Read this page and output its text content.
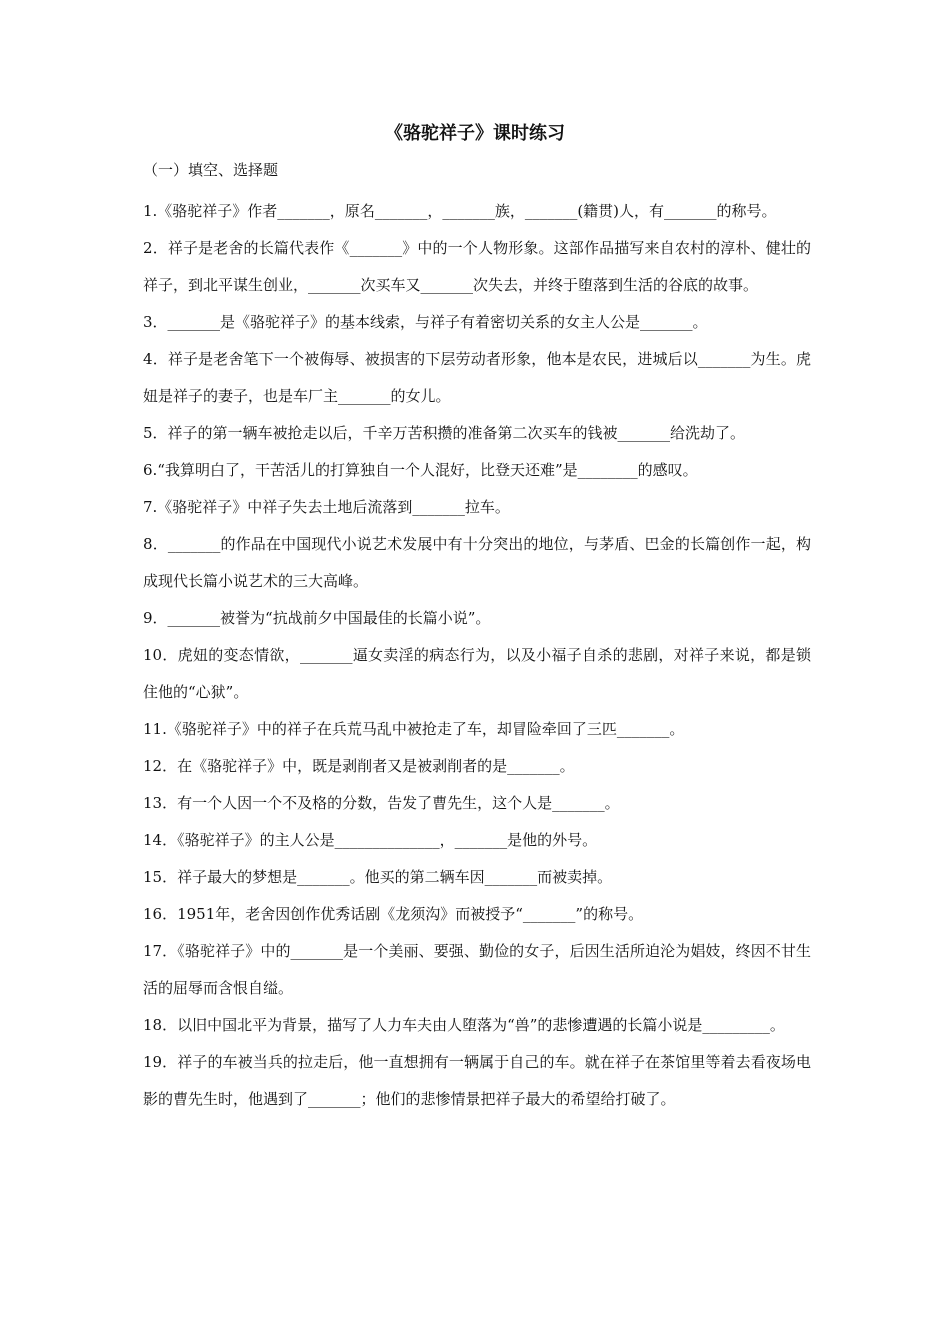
《骆驼祥子》课时练习
（一）填空、选择题

1.《骆驼祥子》作者_______，原名_______，_______族，_______(籍贯)人，有_______的称号。

2．祥子是老舍的长篇代表作《_______》中的一个人物形象。这部作品描写来自农村的淳朴、健壮的祥子，到北平谋生创业，_______次买车又_______次失去，并终于堕落到生活的谷底的故事。

3．_______是《骆驼祥子》的基本线索，与祥子有着密切关系的女主人公是_______。

4．祥子是老舍笔下一个被侮辱、被损害的下层劳动者形象，他本是农民，进城后以_______为生。虎妞是祥子的妻子，也是车厂主_______的女儿。

5．祥子的第一辆车被抢走以后，千辛万苦积攒的准备第二次买车的钱被_______给洗劫了。

6.“我算明白了，干苦活儿的打算独自一个人混好，比登天还难”是________的感叹。

7.《骆驼祥子》中祥子失去土地后流落到_______拉车。

8．_______的作品在中国现代小说艺术发展中有十分突出的地位，与茅盾、巴金的长篇创作一起，构成现代长篇小说艺术的三大高峰。

9．_______被誉为“抗战前夕中国最佳的长篇小说”。

10．虎妞的变态情欲，_______逼女卖淫的病态行为，以及小福子自杀的悲剧，对祥子来说，都是锁住他的“心狱”。

11.《骆驼祥子》中的祥子在兵荒马乱中被抢走了车，却冒险牵回了三匹_______。

12．在《骆驼祥子》中，既是剥削者又是被剥削者的是_______。

13．有一个人因一个不及格的分数，告发了曹先生，这个人是_______。

14．《骆驼祥子》的主人公是______________，_______是他的外号。

15．祥子最大的梦想是_______。他买的第二辆车因_______而被卖掉。

16．1951年，老舍因创作优秀话剧《龙须沟》而被授予“_______”的称号。

17．《骆驼祥子》中的_______是一个美丽、要强、勤俭的女子，后因生活所迫沦为娼妓，终因不甘生活的屈辱而含恨自缢。

18．以旧中国北平为背景，描写了人力车夫由人堕落为“兽”的悲惨遭遇的长篇小说是_________。

19．祥子的车被当兵的拉走后，他一直想拥有一辆属于自己的车。就在祥子在茶馆里等着去看夜场电影的曹先生时，他遇到了_______；他们的悲惨情景把祥子最大的希望给打破了。
